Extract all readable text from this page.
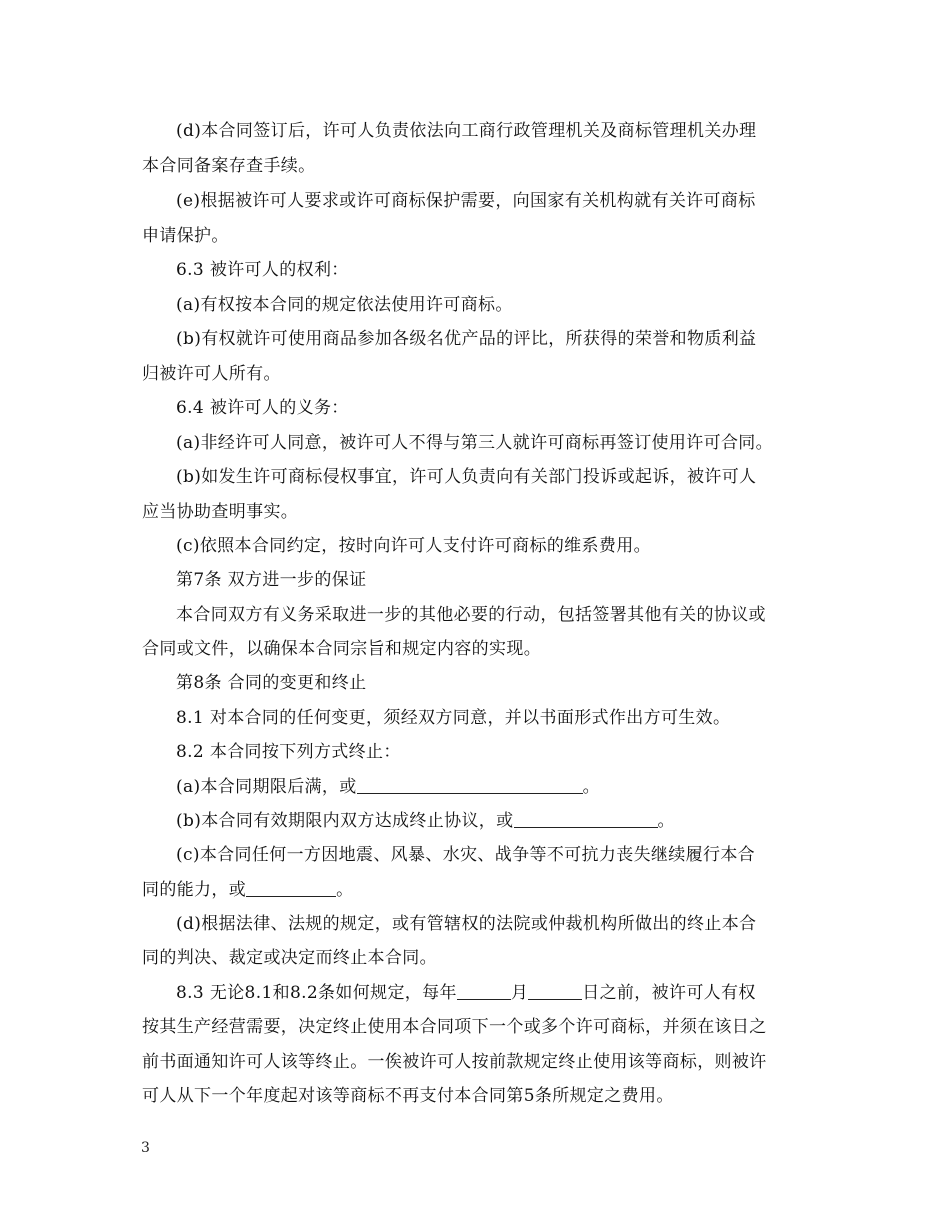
(d)本合同签订后，许可人负责依法向工商行政管理机关及商标管理机关办理
本合同备案存查手续。
(e)根据被许可人要求或许可商标保护需要，向国家有关机构就有关许可商标
申请保护。
6.3 被许可人的权利：
(a)有权按本合同的规定依法使用许可商标。
(b)有权就许可使用商品参加各级名优产品的评比，所获得的荣誉和物质利益
归被许可人所有。
6.4 被许可人的义务：
(a)非经许可人同意，被许可人不得与第三人就许可商标再签订使用许可合同。
(b)如发生许可商标侵权事宜，许可人负责向有关部门投诉或起诉，被许可人
应当协助查明事实。
(c)依照本合同约定，按时向许可人支付许可商标的维系费用。
第7条 双方进一步的保证
本合同双方有义务采取进一步的其他必要的行动，包括签署其他有关的协议或
合同或文件，以确保本合同宗旨和规定内容的实现。
第8条 合同的变更和终止
8.1 对本合同的任何变更，须经双方同意，并以书面形式作出方可生效。
8.2 本合同按下列方式终止：
(a)本合同期限后满，或	。
(b)本合同有效期限内双方达成终止协议，或	。
(c)本合同任何一方因地震、风暴、水灾、战争等不可抗力丧失继续履行本合
同的能力，或	。
(d)根据法律、法规的规定，或有管辖权的法院或仲裁机构所做出的终止本合
同的判决、裁定或决定而终止本合同。
8.3 无论8.1和8.2条如何规定，每年	月	日之前，被许可人有权
按其生产经营需要，决定终止使用本合同项下一个或多个许可商标，并须在该日之
前书面通知许可人该等终止。一俟被许可人按前款规定终止使用该等商标，则被许
可人从下一个年度起对该等商标不再支付本合同第5条所规定之费用。
3
